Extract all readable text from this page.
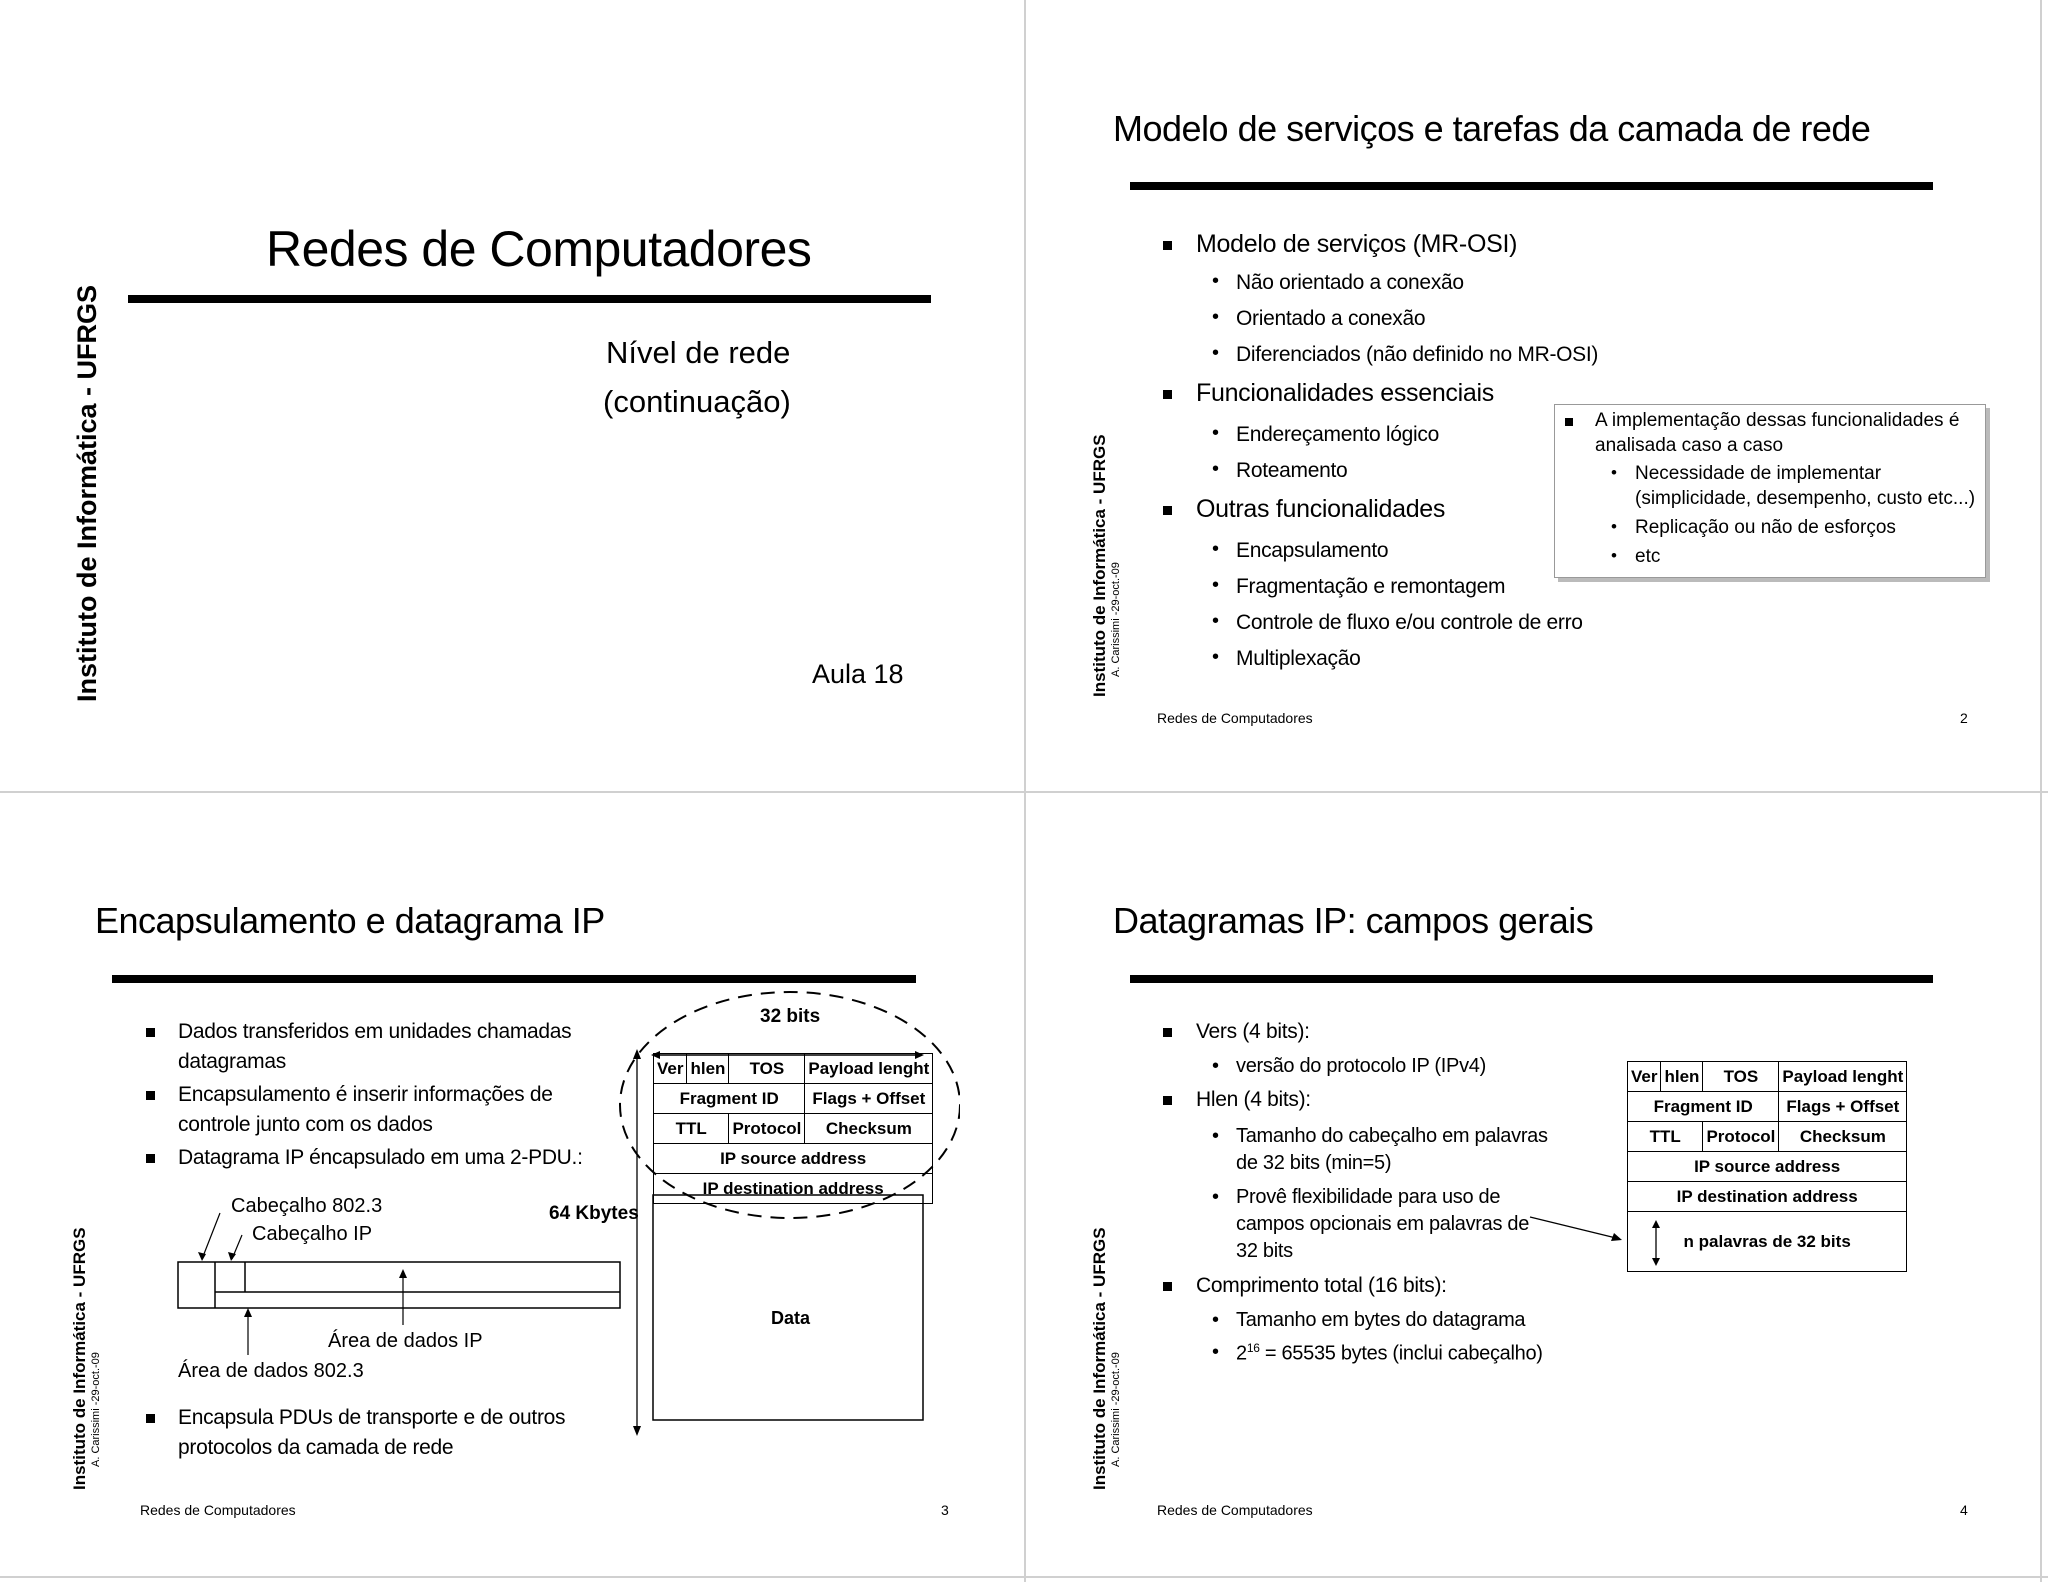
Instituto de Informática - UFRGS
Redes de Computadores
Nível de rede
(continuação)
Aula 18	Instituto de Informática - UFRGS A. Carissimi -29-oct.-09
Modelo de serviços e tarefas da camada de rede
Modelo de serviços (MR-OSI)
• Não orientado a conexão
• Orientado a conexão
• Diferenciados (não definido no MR-OSI)
Funcionalidades essenciais
• Endereçamento lógico
• Roteamento
Outras funcionalidades
• Encapsulamento
• Fragmentação e remontagem
• Controle de fluxo e/ou controle de erro
• Multiplexação
A implementação dessas funcionalidades é
analisada caso a caso
• Necessidade de implementar
(simplicidade, desempenho, custo etc...)
• Replicação ou não de esforços
• etc
Redes de Computadores	2
Instituto de Informática - UFRGS A. Carissimi -29-oct.-09
Encapsulamento e datagrama IP
Dados transferidos em unidades chamadas
datagramas
Encapsulamento é inserir informações de
controle junto com os dados
Datagrama IP éncapsulado em uma 2-PDU.:
Cabeçalho 802.3
Cabeçalho IP
Área de dados IP
Área de dados 802.3
Encapsula PDUs de transporte e de outros
protocolos da camada de rede
32 bits
64 Kbytes
Data
Ver	hlen	TOS	Payload lenght
Fragment ID			Flags + Offset
TTL		Protocol	Checksum
IP source address			
IP destination address			
Redes de Computadores	3
Instituto de Informática - UFRGS A. Carissimi -29-oct.-09
Datagramas IP: campos gerais
Vers (4 bits):
• versão do protocolo IP (IPv4)
Hlen (4 bits):
• Tamanho do cabeçalho em palavras
de 32 bits (min=5)
• Provê flexibilidade para uso de
campos opcionais em palavras de
32 bits
Comprimento total (16 bits):
• Tamanho em bytes do datagrama
• $2^{16} = 65535$ bytes (inclui cabeçalho)
Ver	hlen	TOS	Payload lenght
Fragment ID			Flags + Offset
TTL		Protocol	Checksum
IP source address			
IP destination address			

n palavras de 32 bits			
Redes de Computadores	4
